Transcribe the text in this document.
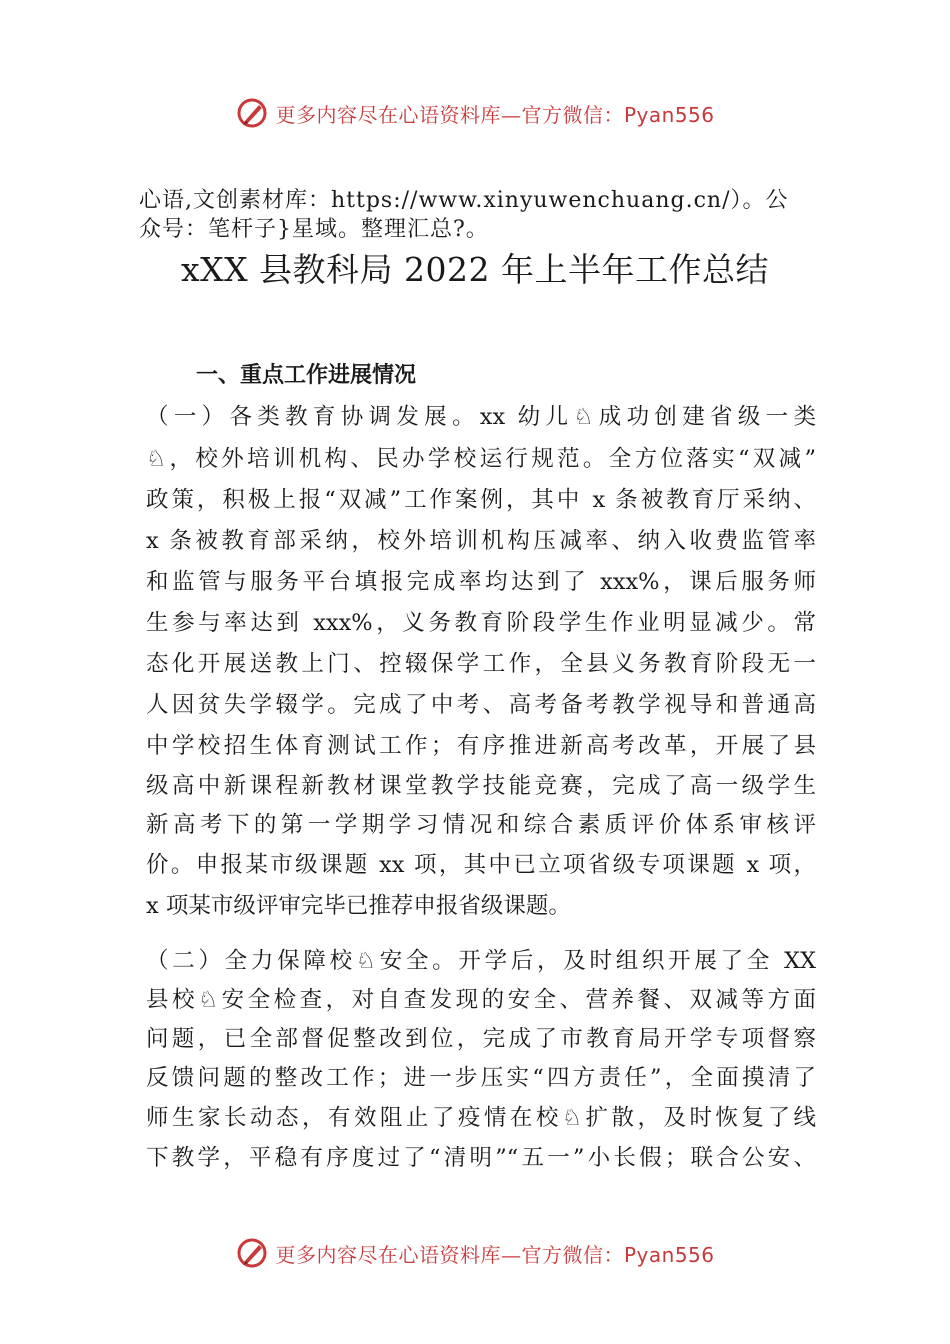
更多内容尽在心语资料库—官方微信：Pyan556
心语,文创素材库：https://www.xinyuwenchuang.cn/）。公
众号：笔杆子}星域。整理汇总?。
xXX 县教科局 2022 年上半年工作总结
一、重点工作进展情况
（一）各类教育协调发展。xx 幼儿♘成功创建省级一类
♘，校外培训机构、民办学校运行规范。全方位落实“双减”
政策，积极上报“双减”工作案例，其中 x 条被教育厅采纳、
x 条被教育部采纳，校外培训机构压减率、纳入收费监管率
和监管与服务平台填报完成率均达到了 xxx%，课后服务师
生参与率达到 xxx%，义务教育阶段学生作业明显减少。常
态化开展送教上门、控辍保学工作，全县义务教育阶段无一
人因贫失学辍学。完成了中考、高考备考教学视导和普通高
中学校招生体育测试工作；有序推进新高考改革，开展了县
级高中新课程新教材课堂教学技能竞赛，完成了高一级学生
新高考下的第一学期学习情况和综合素质评价体系审核评
价。申报某市级课题 xx 项，其中已立项省级专项课题 x 项，
x 项某市级评审完毕已推荐申报省级课题。
（二）全力保障校♘安全。开学后，及时组织开展了全 XX
县校♘安全检查，对自查发现的安全、营养餐、双减等方面
问题，已全部督促整改到位，完成了市教育局开学专项督察
反馈问题的整改工作；进一步压实“四方责任”，全面摸清了
师生家长动态，有效阻止了疫情在校♘扩散，及时恢复了线
下教学，平稳有序度过了“清明”“五一”小长假；联合公安、
更多内容尽在心语资料库—官方微信：Pyan556
